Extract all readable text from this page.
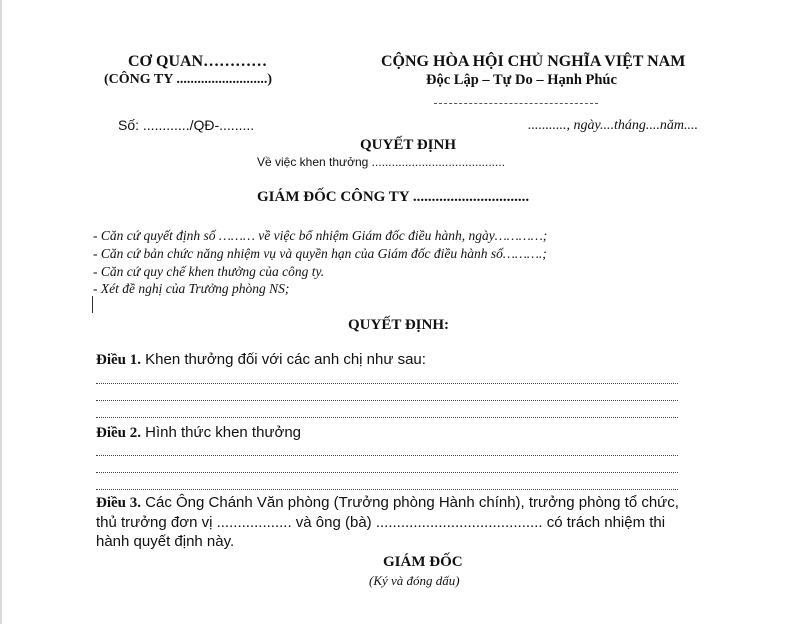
CƠ QUAN…………
(CÔNG TY ..........................)
CỘNG HÒA HỘI CHỦ NGHĨA VIỆT NAM
Độc Lập – Tự Do – Hạnh Phúc
Số: ............/QĐ-.........	..........., ngày....tháng....năm....
QUYẾT ĐỊNH
Về việc khen thưởng ........................................
GIÁM ĐỐC CÔNG TY ...............................
- Căn cứ quyết định số ……… về việc bổ nhiệm Giám đốc điều hành, ngày…………;
- Căn cứ bản chức năng nhiệm vụ và quyền hạn của Giám đốc điều hành số……….;
- Căn cứ quy chế khen thưởng của công ty.
- Xét đề nghị của Trưởng phòng NS;
QUYẾT ĐỊNH:
Điều 1. Khen thưởng đối với các anh chị như sau:
Điều 2. Hình thức khen thưởng
Điều 3. Các Ông Chánh Văn phòng (Trưởng phòng Hành chính), trưởng phòng tổ chức,
thủ trưởng đơn vị .................. và ông (bà) ........................................ có trách nhiệm thi
hành quyết định này.
GIÁM ĐỐC
(Ký và đóng dấu)
